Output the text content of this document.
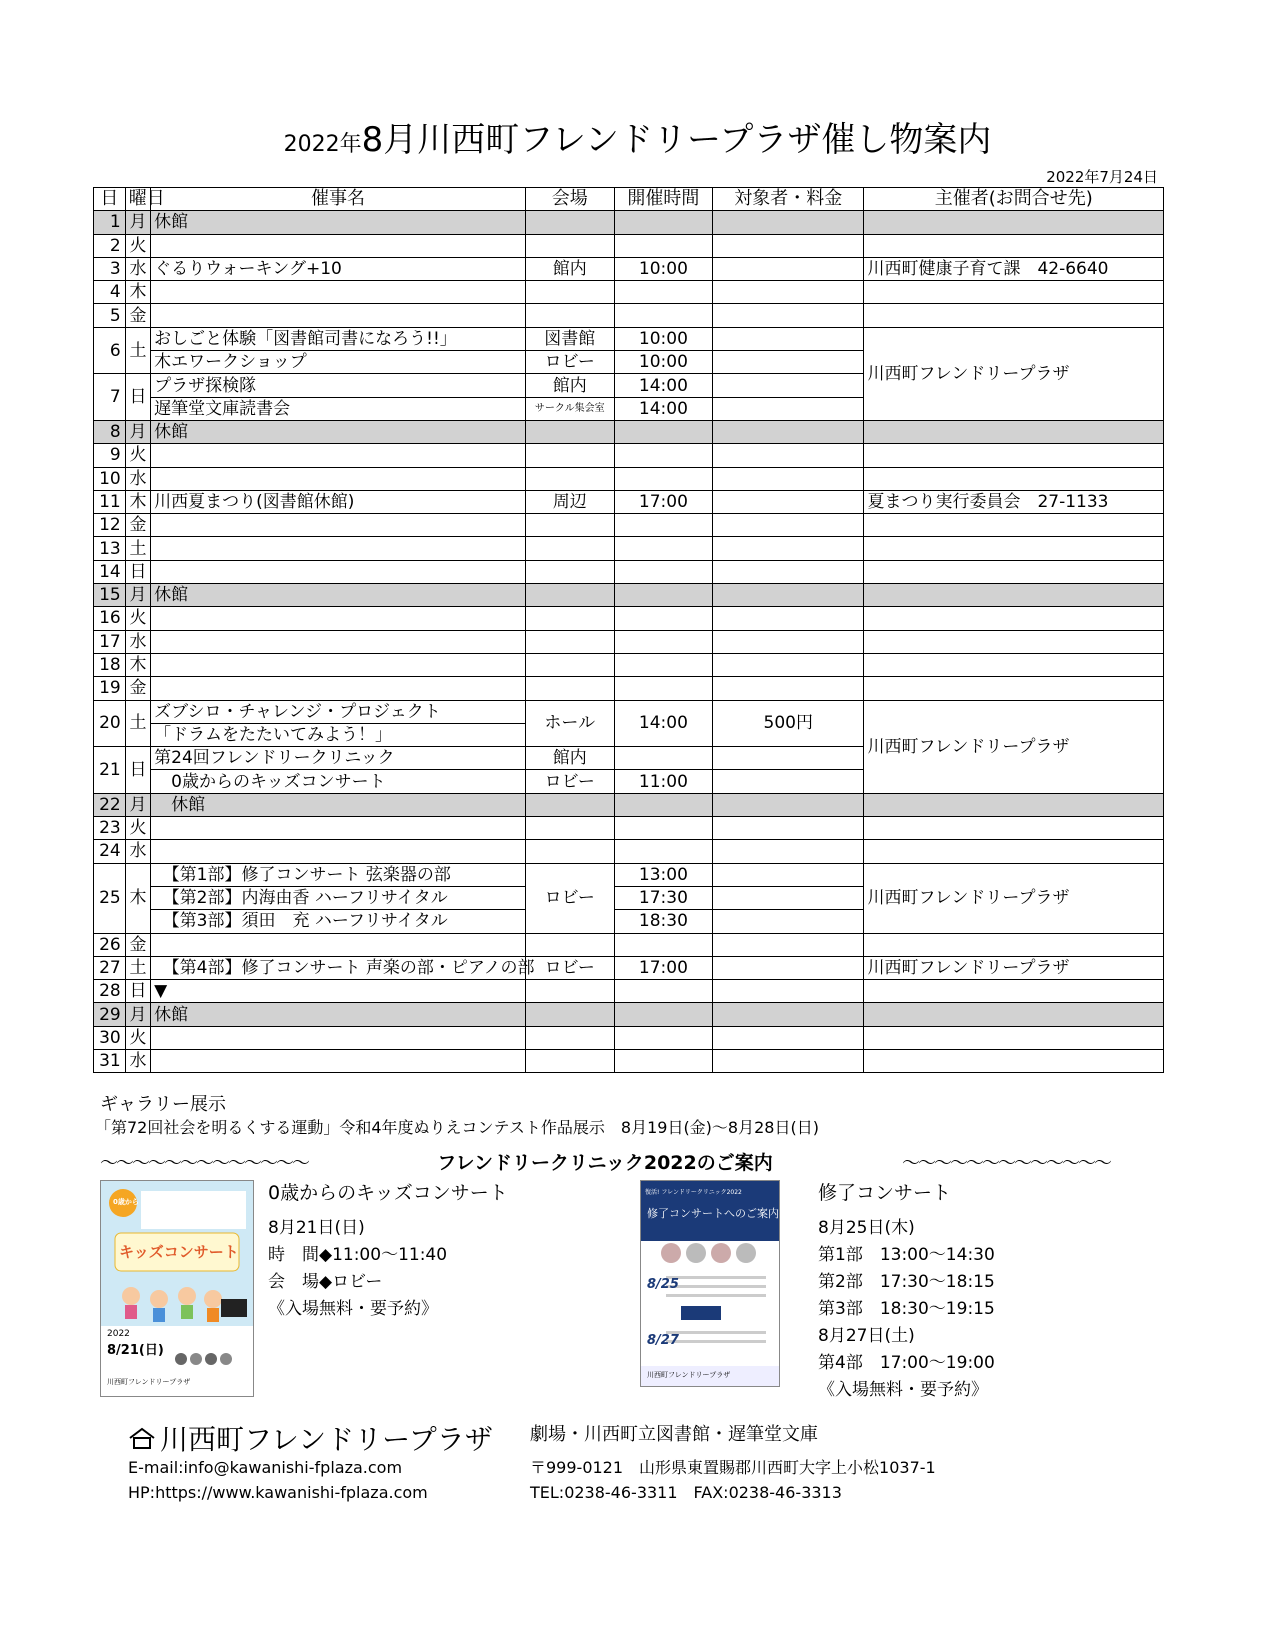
2022年8月川西町フレンドリープラザ催し物案内
2022年7月24日
日	曜日	催事名	会場	開催時間	対象者・料金	主催者(お問合せ先)
1	月	休館				
2	火					
3	水	ぐるりウォーキング+10	館内	10:00		川西町健康子育て課　42-6640
4	木					
5	金					
6	土	おしごと体験「図書館司書になろう!!」	図書館	10:00		川西町フレンドリープラザ
		木エワークショップ	ロビー	10:00		
7	日	プラザ探検隊	館内	14:00		
		遅筆堂文庫読書会	サークル集会室	14:00		
8	月	休館				
9	火					
10	水					
11	木	川西夏まつり(図書館休館)	周辺	17:00		夏まつり実行委員会　27-1133
12	金					
13	土					
14	日					
15	月	休館				
16	火					
17	水					
18	木					
19	金					
20	土	ズブシロ・チャレンジ・プロジェクト	ホール	14:00	500円	川西町フレンドリープラザ
		「ドラムをたたいてみよう！」				
21	日	第24回フレンドリークリニック	館内			
		　0歳からのキッズコンサート	ロビー	11:00		
22	月	　休館				
23	火					
24	水					
25	木	　【第1部】修了コンサート 弦楽器の部	ロビー	13:00		川西町フレンドリープラザ
		　【第2部】内海由香 ハーフリサイタル		17:30		
		　【第3部】須田　充 ハーフリサイタル		18:30		
26	金					
27	土	　【第4部】修了コンサート 声楽の部・ピアノの部	ロビー	17:00		川西町フレンドリープラザ
28	日	▼				
29	月	休館				
30	火					
31	水					
ギャラリー展示
「第72回社会を明るくする運動」令和4年度ぬりえコンテスト作品展示　8月19日(金)～8月28日(日)
〜〜〜〜〜〜〜〜〜〜〜〜〜	フレンドリークリニック2022のご案内	〜〜〜〜〜〜〜〜〜〜〜〜〜
0歳から
キッズコンサート
2022
8/21(日)
川西町フレンドリープラザ
0歳からのキッズコンサート
8月21日(日)
時　間◆11:00～11:40
会　場◆ロビー
《入場無料・要予約》
復活! フレンドリークリニック2022
修了コンサートへのご案内
8/25
8/27
川西町フレンドリープラザ
修了コンサート
8月25日(木)
第1部　13:00～14:30
第2部　17:30～18:15
第3部　18:30～19:15
8月27日(土)
第4部　17:00～19:00
《入場無料・要予約》
川西町フレンドリープラザ
E-mail:info@kawanishi-fplaza.com
HP:https://www.kawanishi-fplaza.com
劇場・川西町立図書館・遅筆堂文庫
〒999-0121　山形県東置賜郡川西町大字上小松1037-1
TEL:0238-46-3311　FAX:0238-46-3313
